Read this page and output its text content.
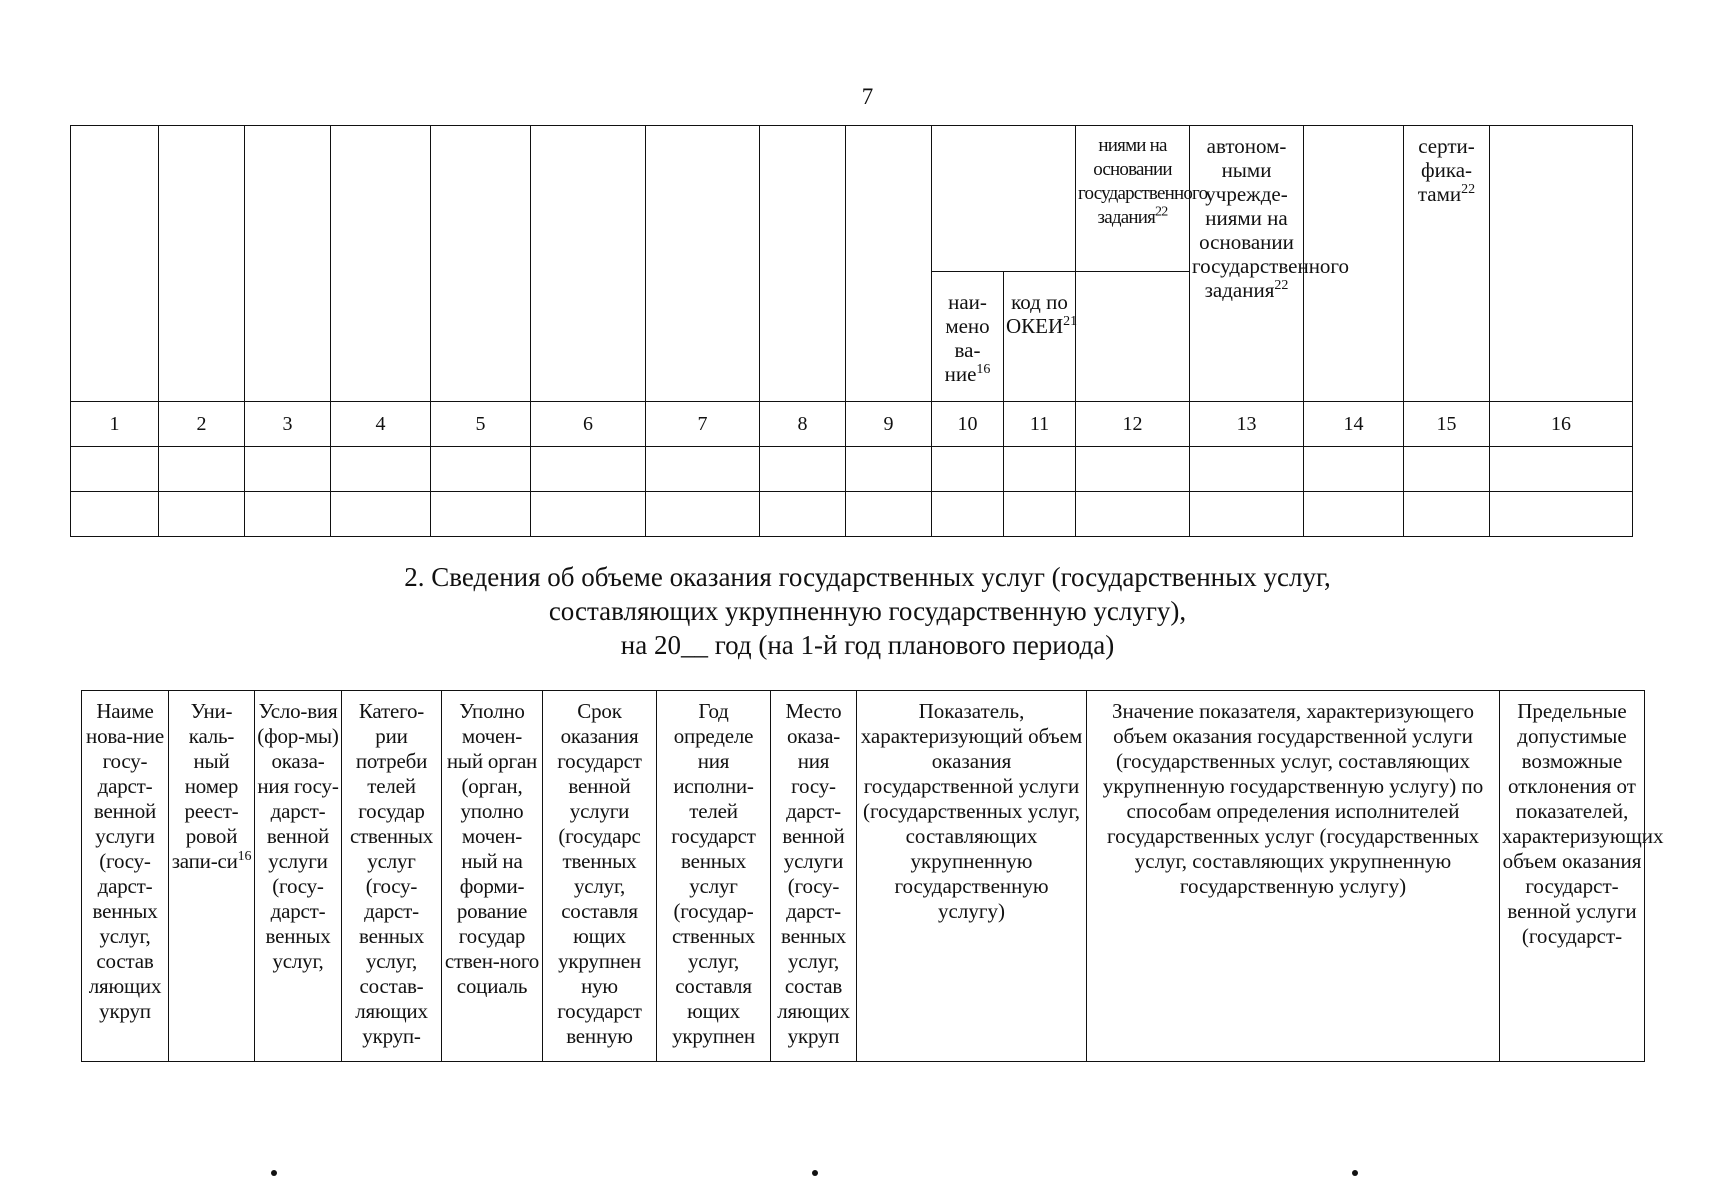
7

											ниями на основании государственного задания$^{22}$	автоном-ными учрежде-ниями на основании государственного задания$^{22}$		серти-фика-тами$^{22}$

									наи-мено ва-ние$^{16}$	код по ОКЕИ$^{21}$

1	2	3	4	5	6	7	8	9	10	11	12	13	14	15	16

2. Сведения об объеме оказания государственных услуг (государственных услуг,
составляющих укрупненную государственную услугу),
на 20__ год (на 1-й год планового периода)
Наиме нова-ние госу-дарст-венной услуги (госу-дарст-венных услуг, состав ляющих укруп	Уни-каль-ный номер реест-ровой запи-$си^{16}$	Усло-вия (фор-мы) оказа-ния госу-дарст-венной услуги (госу-дарст-венных услуг,	Катего-рии потреби телей государ ственных услуг (госу-дарст-венных услуг, состав-ляющих укруп-	Уполно мочен-ный орган (орган, уполно мочен-ный на форми-рование государ ствен-ного социаль	Срок оказания государст венной услуги (государс твенных услуг, составля ющих укрупнен ную государст венную	Год определе ния исполни-телей государст венных услуг (государ-ственных услуг, составля ющих укрупнен	Место оказа-ния госу-дарст-венной услуги (госу-дарст-венных услуг, состав ляющих укруп	Показатель, характеризующий объем оказания государственной услуги (государственных услуг, составляющих укрупненную государственную услугу)	Значение показателя, характеризующего объем оказания государственной услуги (государственных услуг, составляющих укрупненную государственную услугу) по способам определения исполнителей государственных услуг (государственных услуг, составляющих укрупненную государственную услугу)	Предельные допустимые возможные отклонения от показателей, характеризующих объем оказания государст-венной услуги (государст-
